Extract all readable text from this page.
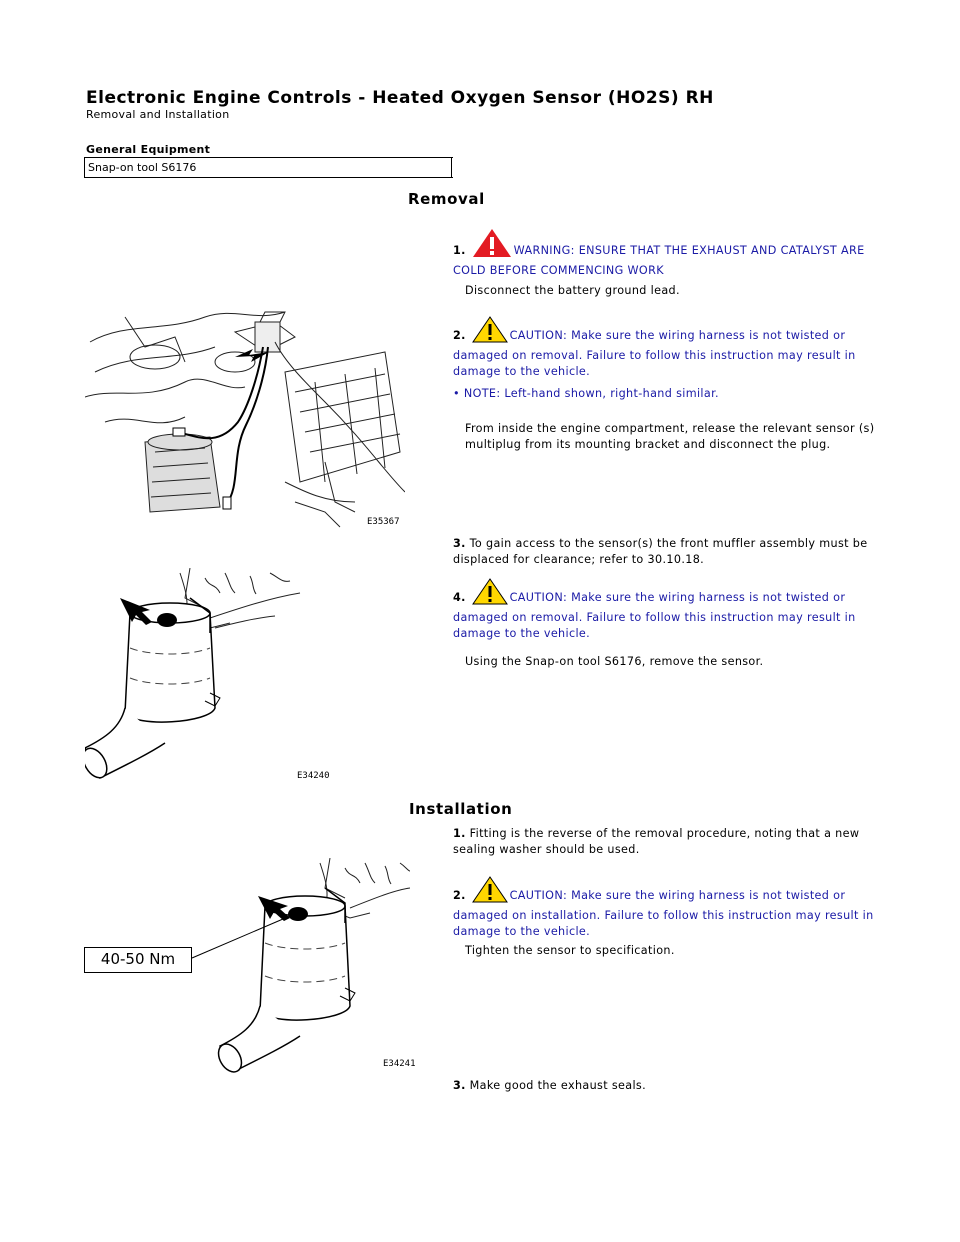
Electronic Engine Controls - Heated Oxygen Sensor (HO2S) RH
Removal and Installation
General Equipment
Snap-on tool S6176
Removal
1.	WARNING: ENSURE THAT THE EXHAUST AND CATALYST ARE COLD BEFORE COMMENCING WORK
Disconnect the battery ground lead.
2.	CAUTION: Make sure the wiring harness is not twisted or damaged on removal. Failure to follow this instruction may result in damage to the vehicle.
• NOTE: Left-hand shown, right-hand similar.
From inside the engine compartment, release the relevant sensor (s) multiplug from its mounting bracket and disconnect the plug.
3. To gain access to the sensor(s) the front muffler assembly must be displaced for clearance; refer to 30.10.18.
4.	CAUTION: Make sure the wiring harness is not twisted or damaged on removal. Failure to follow this instruction may result in damage to the vehicle.
Using the Snap-on tool S6176, remove the sensor.
E35367
E34240
Installation
1. Fitting is the reverse of the removal procedure, noting that a new sealing washer should be used.
2.	CAUTION: Make sure the wiring harness is not twisted or damaged on installation. Failure to follow this instruction may result in damage to the vehicle.
Tighten the sensor to specification.
40-50 Nm
E34241
3. Make good the exhaust seals.
